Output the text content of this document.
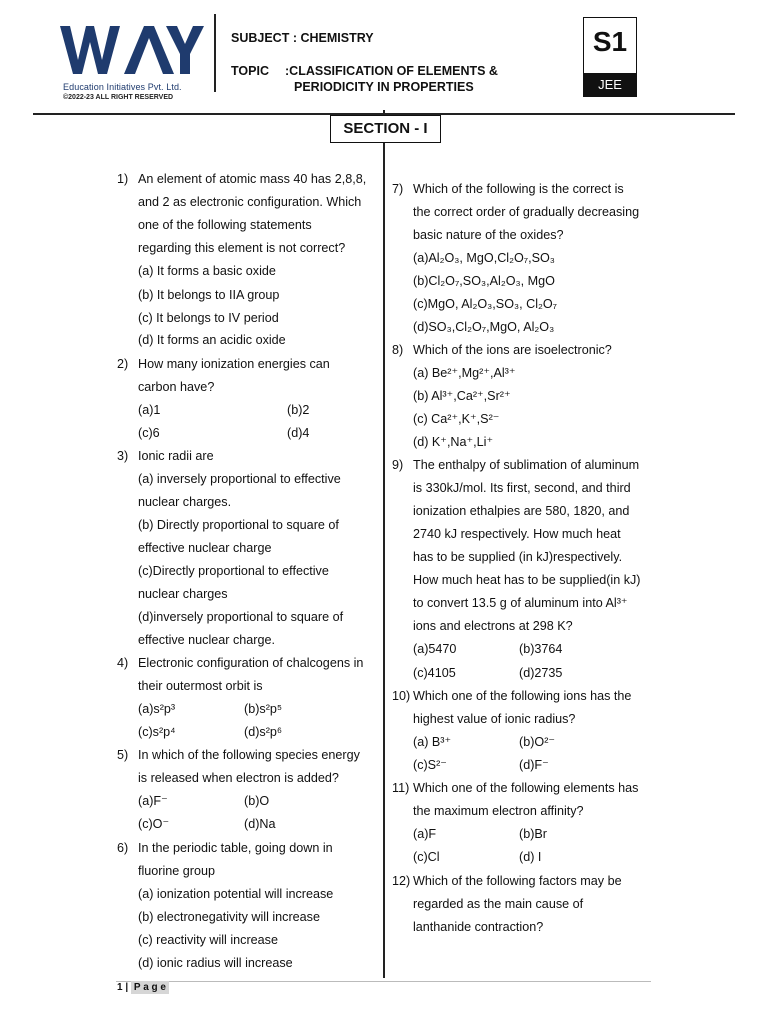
Education Initiatives Pvt. Ltd.
©2022-23 ALL RIGHT RESERVED
SUBJECT : CHEMISTRY
TOPIC :CLASSIFICATION OF ELEMENTS &
PERIODICITY IN PROPERTIES
S1
JEE
SECTION - I
1) An element of atomic mass 40 has 2,8,8,
and 2 as electronic configuration. Which
one of the following statements
regarding this element is not correct?
(a) It forms a basic oxide
(b) It belongs to IIA group
(c) It belongs to IV period
(d) It forms an acidic oxide
2) How many ionization energies can
carbon have?
(a)1	(b)2
(c)6	(d)4
3) Ionic radii are
(a) inversely proportional to effective
nuclear charges.
(b) Directly proportional to square of
effective nuclear charge
(c)Directly proportional to effective
nuclear charges
(d)inversely proportional to square of
effective nuclear charge.
4) Electronic configuration of chalcogens in
their outermost orbit is
(a)s²p³	(b)s²p⁵
(c)s²p⁴	(d)s²p⁶
5) In which of the following species energy
is released when electron is added?
(a)F⁻	(b)O
(c)O⁻	(d)Na
6) In the periodic table, going down in
fluorine group
(a) ionization potential will increase
(b) electronegativity will increase
(c) reactivity will increase
(d) ionic radius will increase
7) Which of the following is the correct is
the correct order of gradually decreasing
basic nature of the oxides?
(a)Al₂O₃, MgO,Cl₂O₇,SO₃
(b)Cl₂O₇,SO₃,Al₂O₃, MgO
(c)MgO, Al₂O₃,SO₃, Cl₂O₇
(d)SO₃,Cl₂O₇,MgO, Al₂O₃
8) Which of the ions are isoelectronic?
(a) Be²⁺,Mg²⁺,Al³⁺
(b) Al³⁺,Ca²⁺,Sr²⁺
(c) Ca²⁺,K⁺,S²⁻
(d) K⁺,Na⁺,Li⁺
9) The enthalpy of sublimation of aluminum
is 330kJ/mol. Its first, second, and third
ionization ethalpies are 580, 1820, and
2740 kJ respectively. How much heat
has to be supplied (in kJ)respectively.
How much heat has to be supplied(in kJ)
to convert 13.5 g of aluminum into Al³⁺
ions and electrons at 298 K?
(a)5470	(b)3764
(c)4105	(d)2735
10) Which one of the following ions has the
highest value of ionic radius?
(a) B³⁺	(b)O²⁻
(c)S²⁻	(d)F⁻
11) Which one of the following elements has
the maximum electron affinity?
(a)F	(b)Br
(c)Cl	(d) I
12) Which of the following factors may be
regarded as the main cause of
lanthanide contraction?
1 | P a g e
